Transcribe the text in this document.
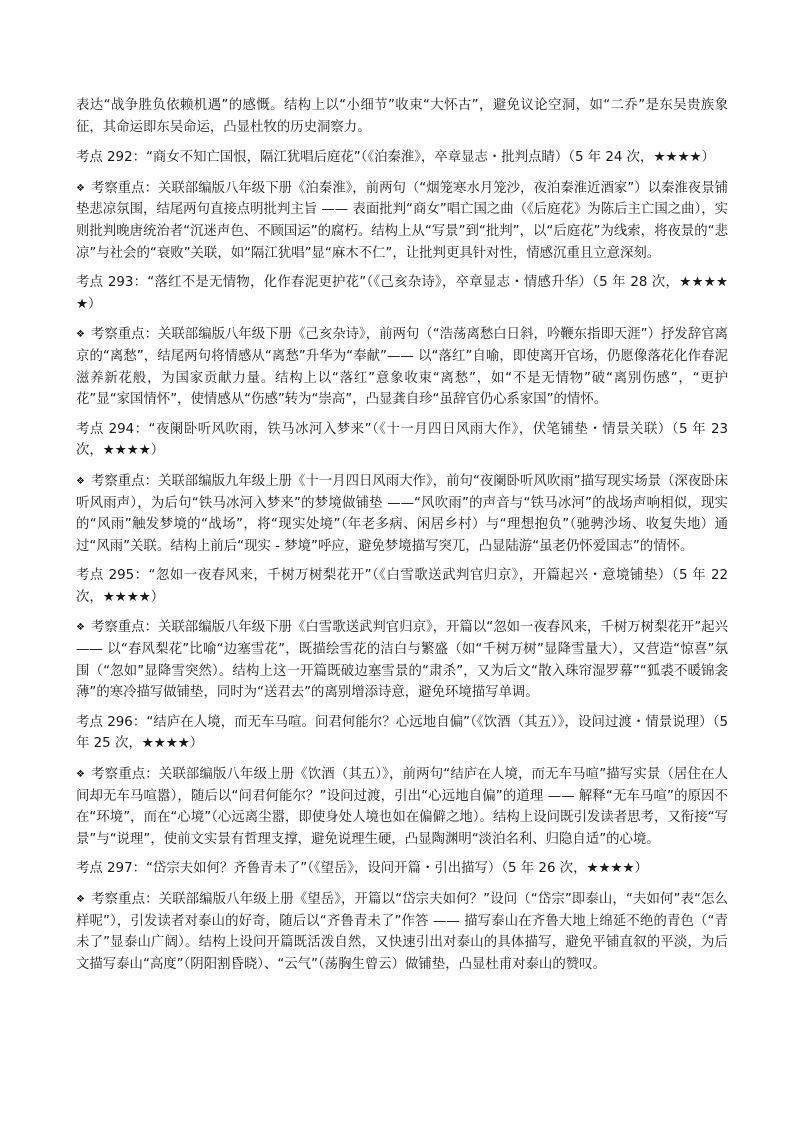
表达“战争胜负依赖机遇”的感慨。结构上以“小细节”收束“大怀古”，避免议论空洞，如“二乔”是东吴贵族象征，其命运即东吴命运，凸显杜牧的历史洞察力。

考点 292：“商女不知亡国恨，隔江犹唱后庭花”（《泊秦淮》，卒章显志・批判点睛）（5 年 24 次，★★★★）

❖ 考察重点：关联部编版八年级下册《泊秦淮》，前两句（“烟笼寒水月笼沙，夜泊秦淮近酒家”）以秦淮夜景铺垫悲凉氛围，结尾两句直接点明批判主旨 —— 表面批判“商女”唱亡国之曲（《后庭花》为陈后主亡国之曲），实则批判晚唐统治者“沉迷声色、不顾国运”的腐朽。结构上从“写景”到“批判”，以“后庭花”为线索，将夜景的“悲凉”与社会的“衰败”关联，如“隔江犹唱”显“麻木不仁”，让批判更具针对性，情感沉重且立意深刻。

考点 293：“落红不是无情物，化作春泥更护花”（《己亥杂诗》，卒章显志・情感升华）（5 年 28 次，★★★★★）

❖ 考察重点：关联部编版八年级下册《己亥杂诗》，前两句（“浩荡离愁白日斜，吟鞭东指即天涯”）抒发辞官离京的“离愁”，结尾两句将情感从“离愁”升华为“奉献”—— 以“落红”自喻，即使离开官场，仍愿像落花化作春泥滋养新花般，为国家贡献力量。结构上以“落红”意象收束“离愁”，如“不是无情物”破“离别伤感”，“更护花”显“家国情怀”，使情感从“伤感”转为“崇高”，凸显龚自珍“虽辞官仍心系家国”的情怀。

考点 294：“夜阑卧听风吹雨，铁马冰河入梦来”（《十一月四日风雨大作》，伏笔铺垫・情景关联）（5 年 23 次，★★★★）

❖ 考察重点：关联部编版九年级上册《十一月四日风雨大作》，前句“夜阑卧听风吹雨”描写现实场景（深夜卧床听风雨声），为后句“铁马冰河入梦来”的梦境做铺垫 ——“风吹雨”的声音与“铁马冰河”的战场声响相似，现实的“风雨”触发梦境的“战场”，将“现实处境”（年老多病、闲居乡村）与“理想抱负”（驰骋沙场、收复失地）通过“风雨”关联。结构上前后“现实 - 梦境”呼应，避免梦境描写突兀，凸显陆游“虽老仍怀爱国志”的情怀。

考点 295：“忽如一夜春风来，千树万树梨花开”（《白雪歌送武判官归京》，开篇起兴・意境铺垫）（5 年 22 次，★★★★）

❖ 考察重点：关联部编版八年级下册《白雪歌送武判官归京》，开篇以“忽如一夜春风来，千树万树梨花开”起兴 —— 以“春风梨花”比喻“边塞雪花”，既描绘雪花的洁白与繁盛（如“千树万树”显降雪量大），又营造“惊喜”氛围（“忽如”显降雪突然）。结构上这一开篇既破边塞雪景的“肃杀”，又为后文“散入珠帘湿罗幕”“狐裘不暖锦衾薄”的寒冷描写做铺垫，同时为“送君去”的离别增添诗意，避免环境描写单调。

考点 296：“结庐在人境，而无车马喧。问君何能尔？心远地自偏”（《饮酒（其五）》，设问过渡・情景说理）（5 年 25 次，★★★★）

❖ 考察重点：关联部编版八年级上册《饮酒（其五）》，前两句“结庐在人境，而无车马喧”描写实景（居住在人间却无车马喧嚣），随后以“问君何能尔？”设问过渡，引出“心远地自偏”的道理 —— 解释“无车马喧”的原因不在“环境”，而在“心境”（心远离尘嚣，即使身处人境也如在偏僻之地）。结构上设问既引发读者思考，又衔接“写景”与“说理”，使前文实景有哲理支撑，避免说理生硬，凸显陶渊明“淡泊名利、归隐自适”的心境。

考点 297：“岱宗夫如何？齐鲁青未了”（《望岳》，设问开篇・引出描写）（5 年 26 次，★★★★）

❖ 考察重点：关联部编版八年级上册《望岳》，开篇以“岱宗夫如何？”设问（“岱宗”即泰山，“夫如何”表“怎么样呢”），引发读者对泰山的好奇，随后以“齐鲁青未了”作答 —— 描写泰山在齐鲁大地上绵延不绝的青色（“青未了”显泰山广阔）。结构上设问开篇既活泼自然，又快速引出对泰山的具体描写，避免平铺直叙的平淡，为后文描写泰山“高度”（阴阳割昏晓）、“云气”（荡胸生曾云）做铺垫，凸显杜甫对泰山的赞叹。
